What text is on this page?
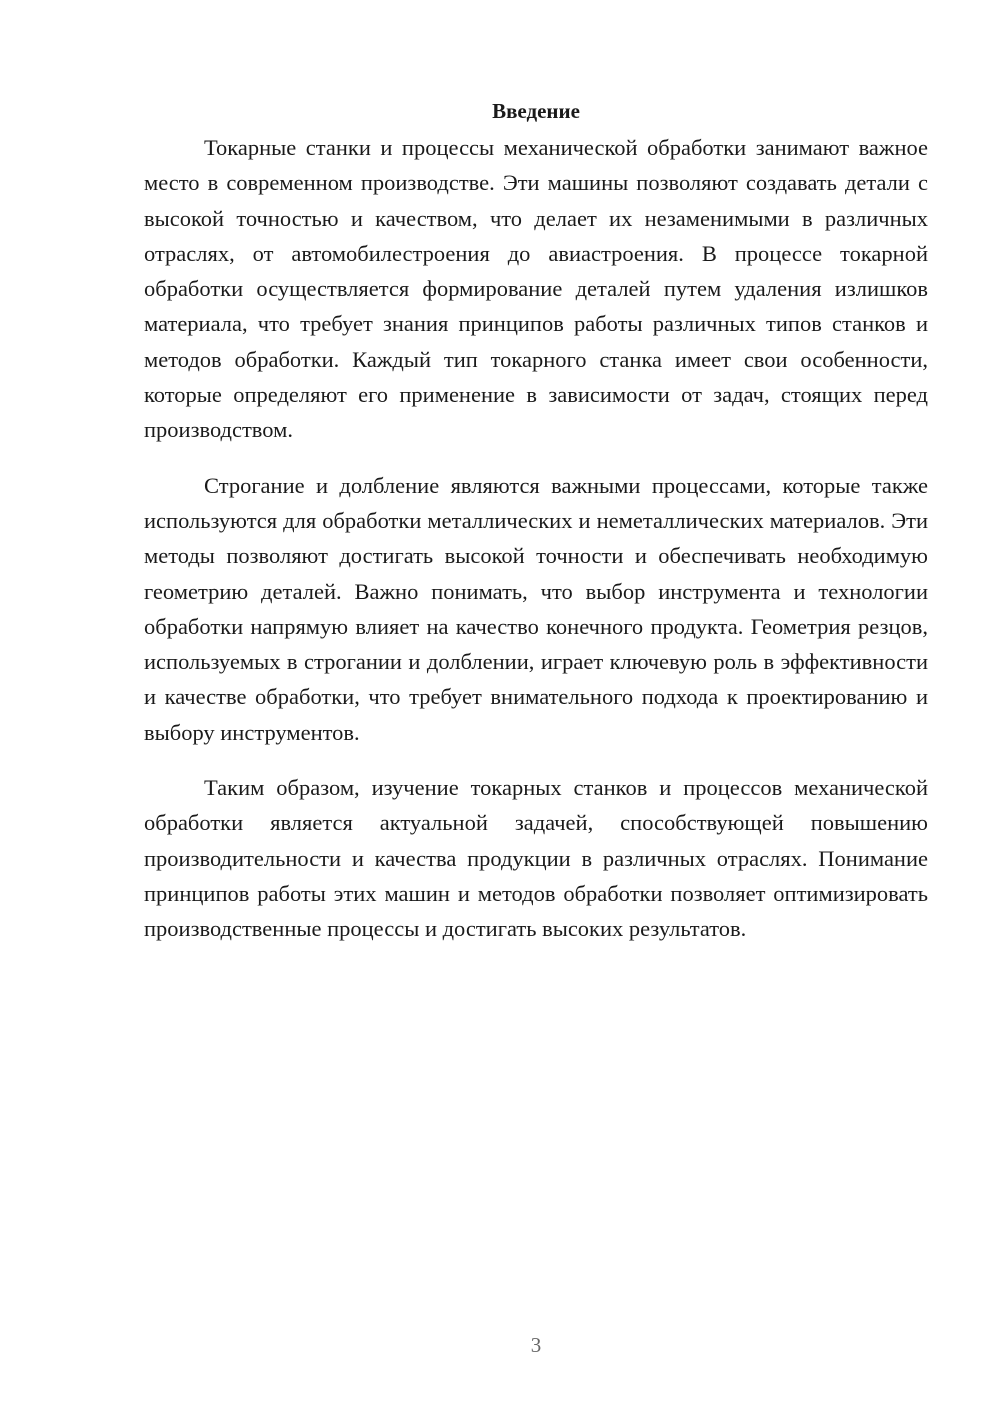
Введение

Токарные станки и процессы механической обработки занимают важное место в современном производстве. Эти машины позволяют создавать детали с высокой точностью и качеством, что делает их незаменимыми в различных отраслях, от автомобилестроения до авиастроения. В процессе токарной обработки осуществляется формирование деталей путем удаления излишков материала, что требует знания принципов работы различных типов станков и методов обработки. Каждый тип токарного станка имеет свои особенности, которые определяют его применение в зависимости от задач, стоящих перед производством.

Строгание и долбление являются важными процессами, которые также используются для обработки металлических и неметаллических материалов. Эти методы позволяют достигать высокой точности и обеспечивать необходимую геометрию деталей. Важно понимать, что выбор инструмента и технологии обработки напрямую влияет на качество конечного продукта. Геометрия резцов, используемых в строгании и долблении, играет ключевую роль в эффективности и качестве обработки, что требует внимательного подхода к проектированию и выбору инструментов.

Таким образом, изучение токарных станков и процессов механической обработки является актуальной задачей, способствующей повышению производительности и качества продукции в различных отраслях. Понимание принципов работы этих машин и методов обработки позволяет оптимизировать производственные процессы и достигать высоких результатов.

3
